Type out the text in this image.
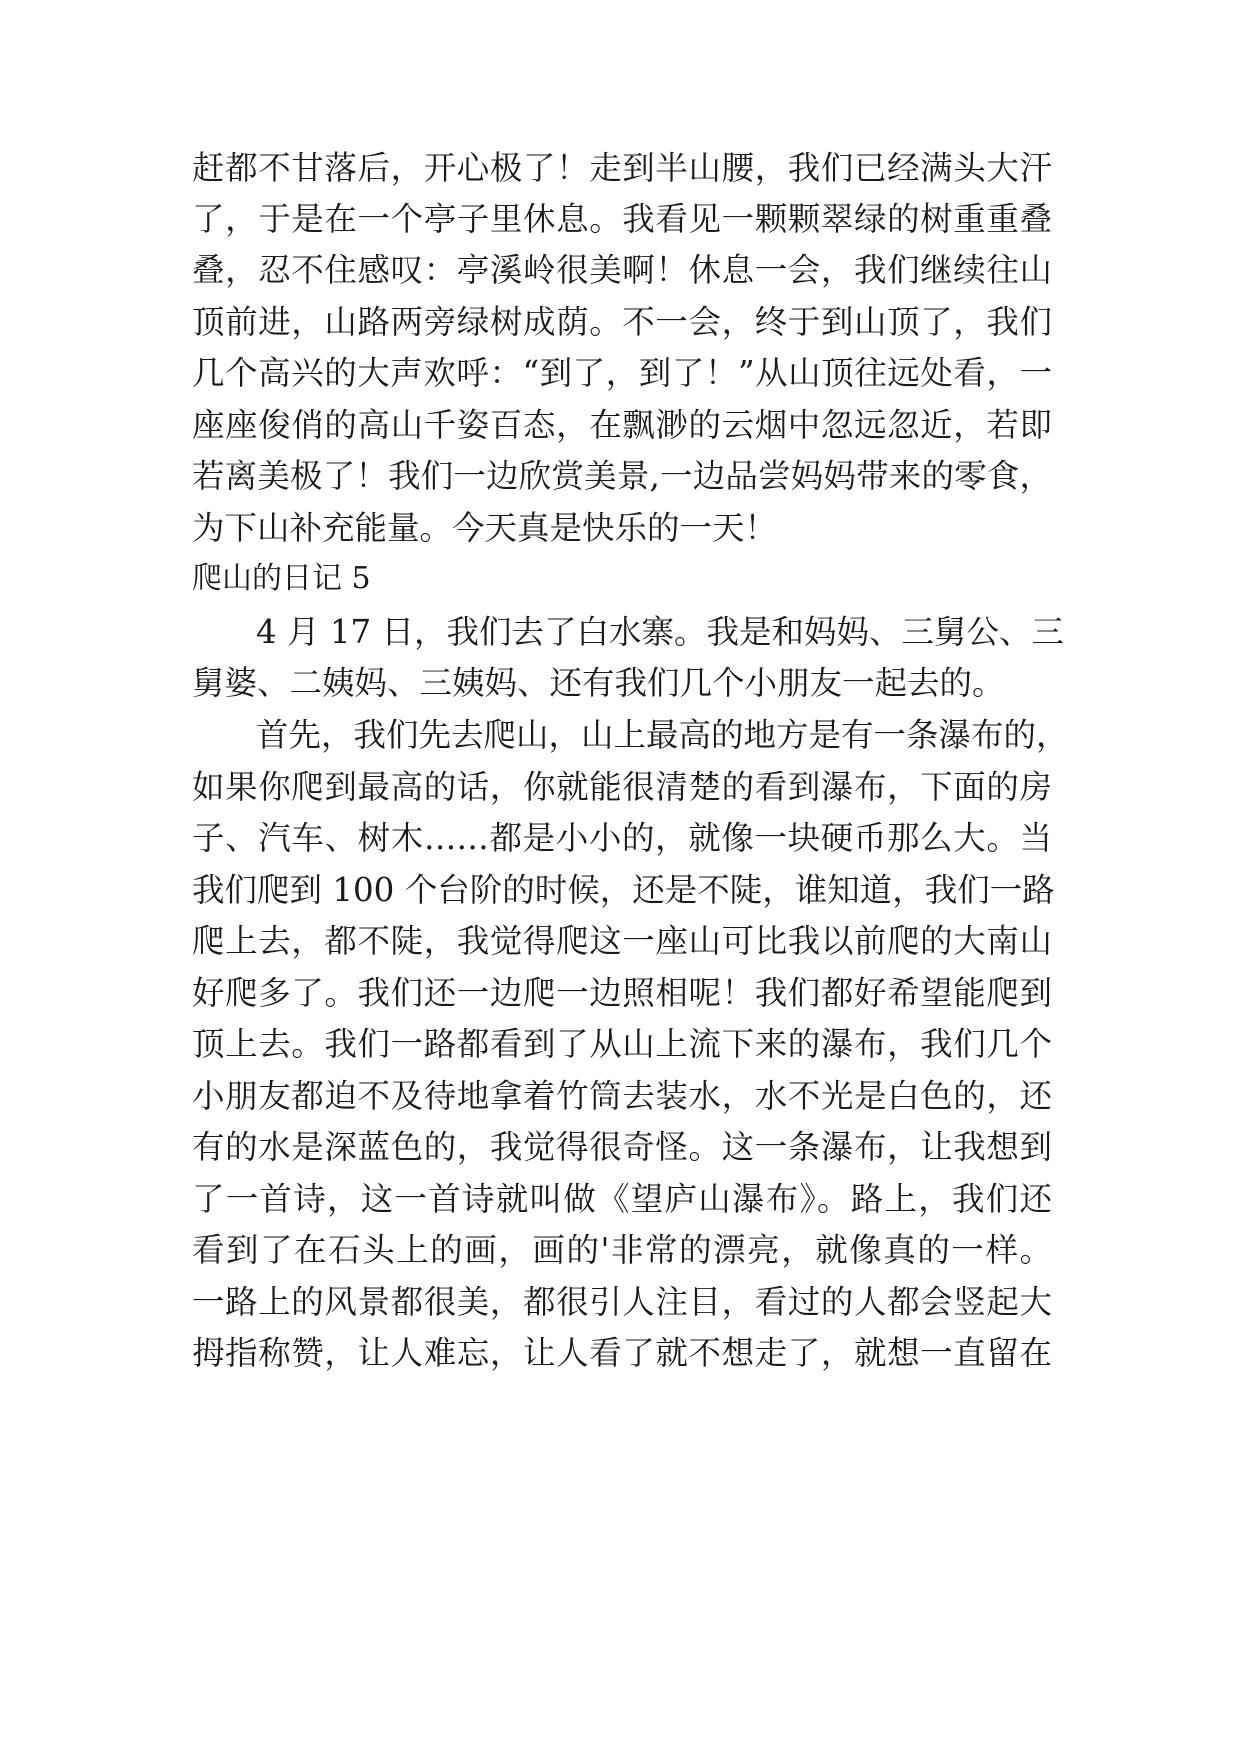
赶都不甘落后，开心极了！走到半山腰，我们已经满头大汗
了，于是在一个亭子里休息。我看见一颗颗翠绿的树重重叠
叠，忍不住感叹：亭溪岭很美啊！休息一会，我们继续往山
顶前进，山路两旁绿树成荫。不一会，终于到山顶了，我们
几个高兴的大声欢呼：“到了，到了！”从山顶往远处看，一
座座俊俏的高山千姿百态，在飘渺的云烟中忽远忽近，若即
若离美极了！我们一边欣赏美景,一边品尝妈妈带来的零食，
为下山补充能量。今天真是快乐的一天！
爬山的日记 5
4 月 17 日，我们去了白水寨。我是和妈妈、三舅公、三
舅婆、二姨妈、三姨妈、还有我们几个小朋友一起去的。
首先，我们先去爬山，山上最高的地方是有一条瀑布的，
如果你爬到最高的话，你就能很清楚的看到瀑布，下面的房
子、汽车、树木……都是小小的，就像一块硬币那么大。当
我们爬到 100 个台阶的时候，还是不陡，谁知道，我们一路
爬上去，都不陡，我觉得爬这一座山可比我以前爬的大南山
好爬多了。我们还一边爬一边照相呢！我们都好希望能爬到
顶上去。我们一路都看到了从山上流下来的瀑布，我们几个
小朋友都迫不及待地拿着竹筒去装水，水不光是白色的，还
有的水是深蓝色的，我觉得很奇怪。这一条瀑布，让我想到
了一首诗，这一首诗就叫做《望庐山瀑布》。路上，我们还
看到了在石头上的画，画的'非常的漂亮，就像真的一样。
一路上的风景都很美，都很引人注目，看过的人都会竖起大
拇指称赞，让人难忘，让人看了就不想走了，就想一直留在
